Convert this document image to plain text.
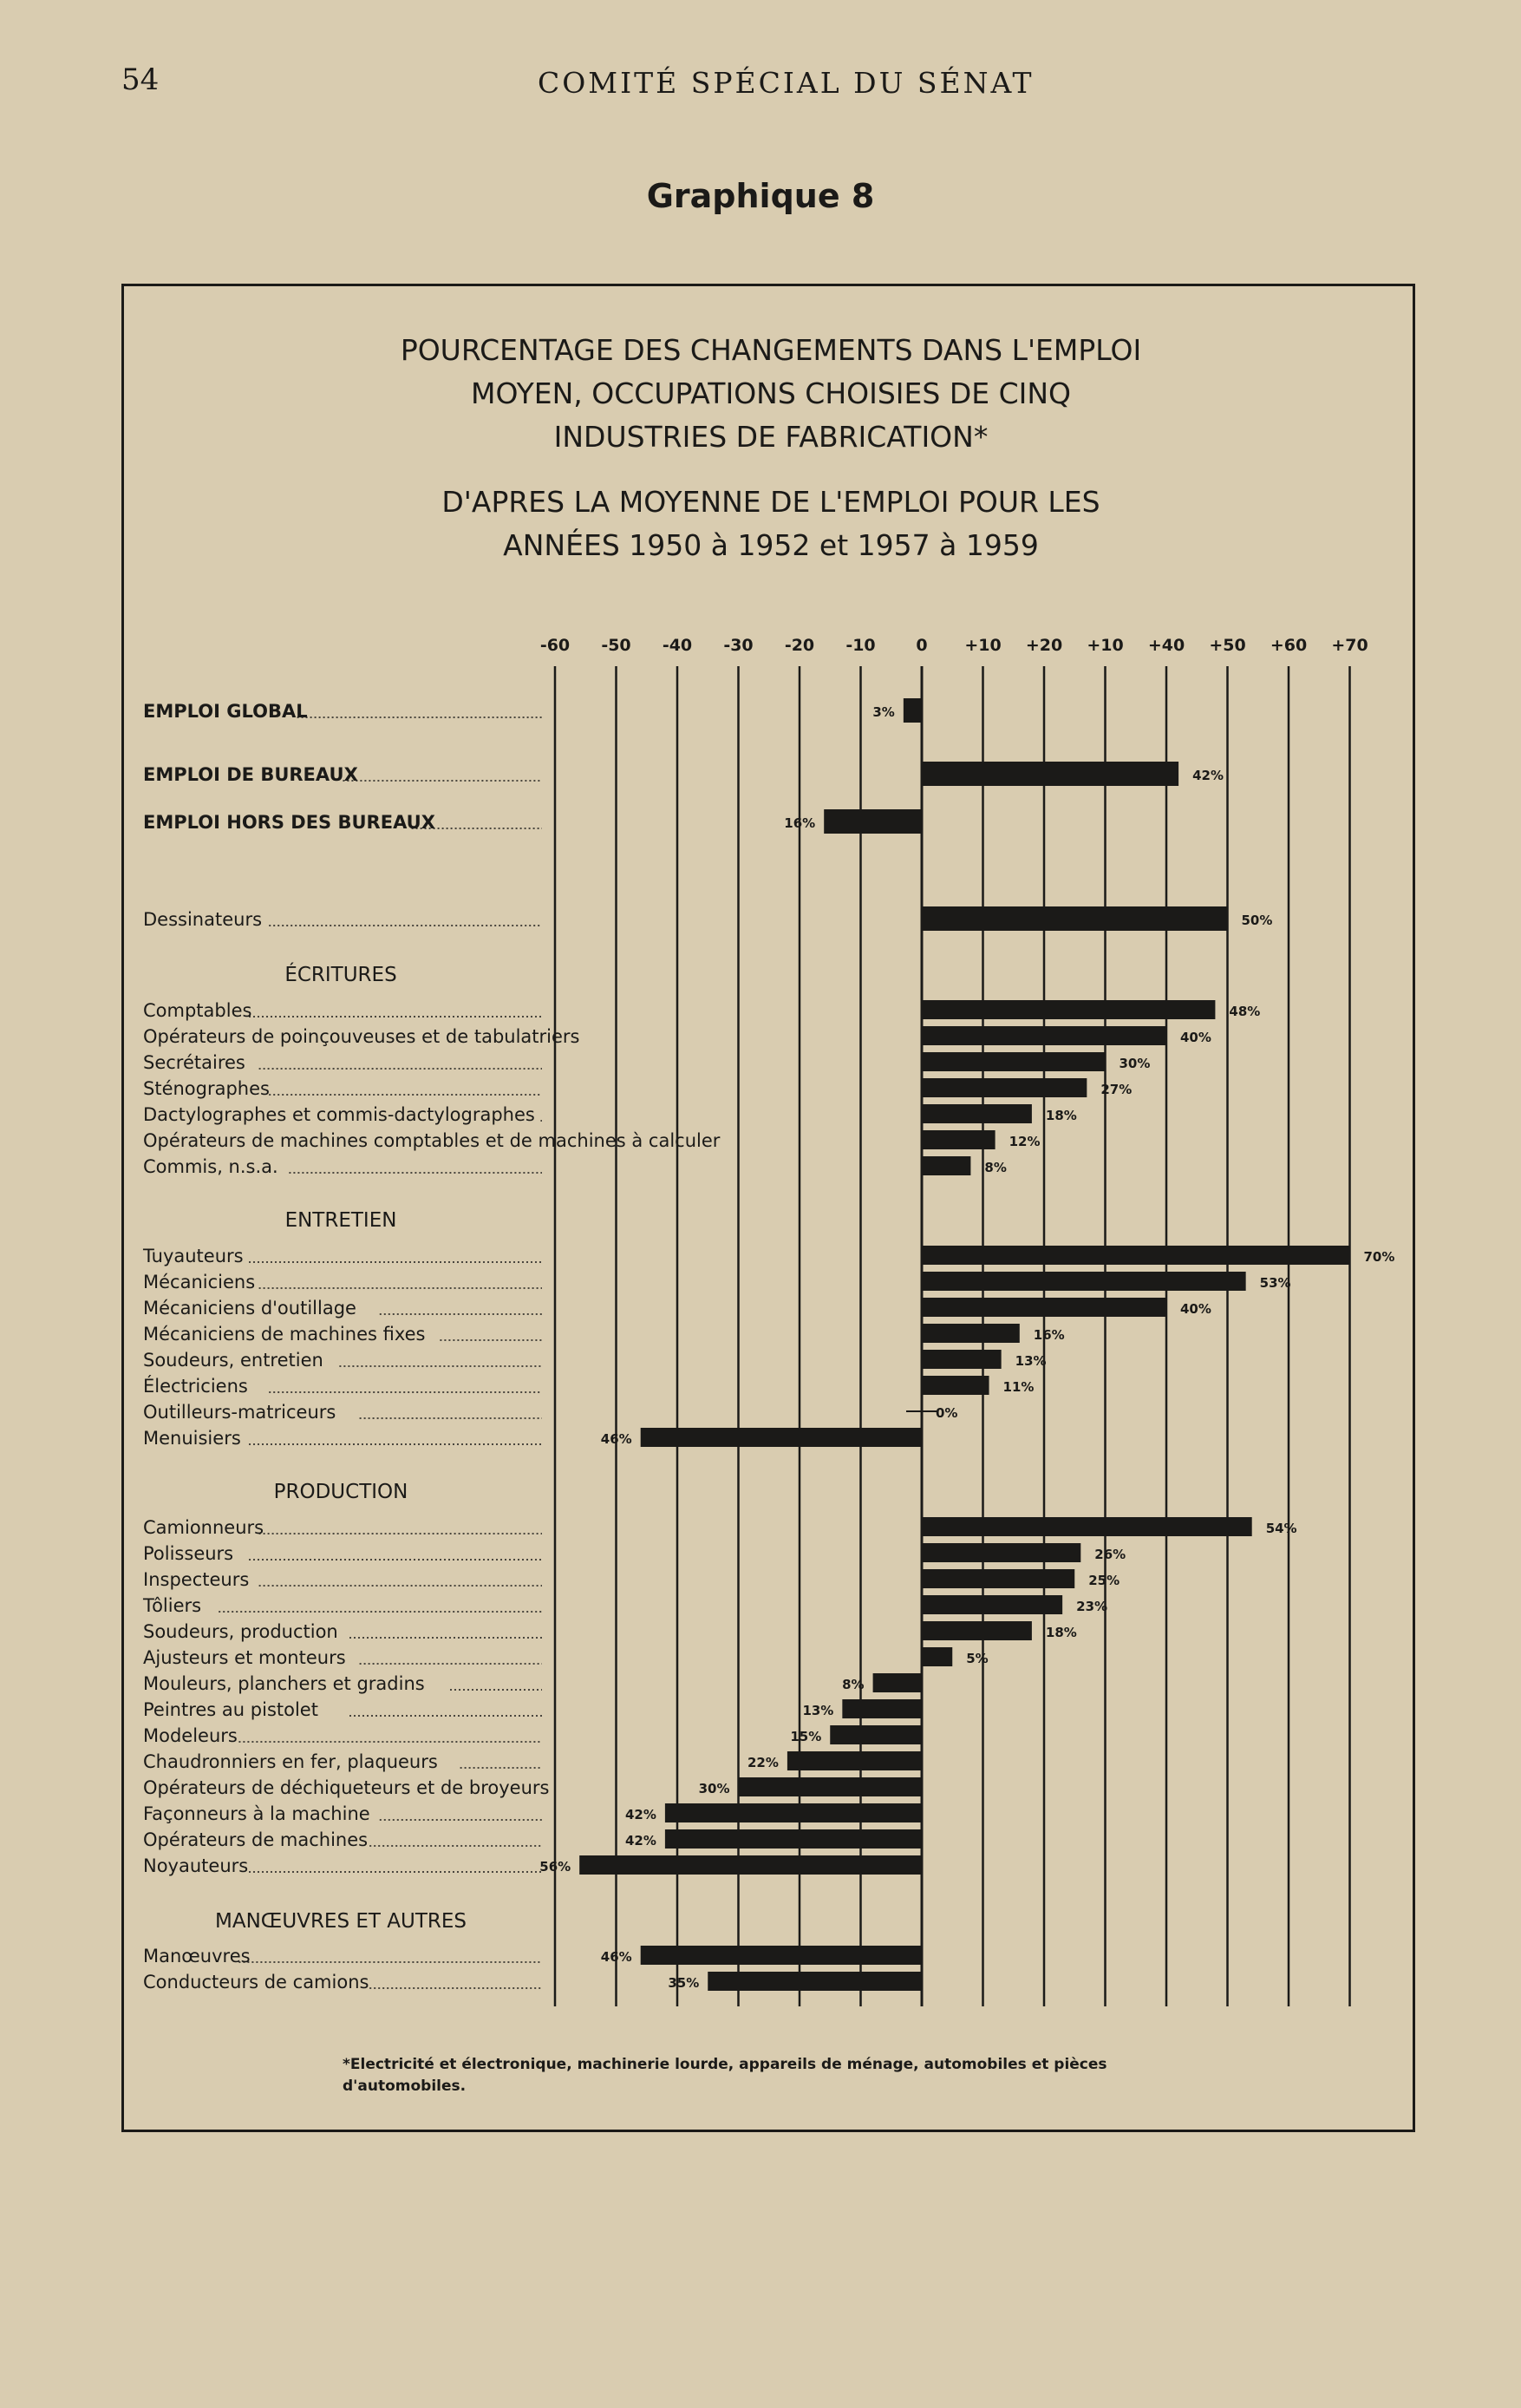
54	COMITÉ SPÉCIAL DU SÉNAT
Graphique 8
POURCENTAGE DES CHANGEMENTS DANS L'EMPLOI
MOYEN, OCCUPATIONS CHOISIES DE CINQ
INDUSTRIES DE FABRICATION*
D'APRES LA MOYENNE DE L'EMPLOI POUR LES
ANNÉES 1950 à 1952 et 1957 à 1959
-60 -50 -40 -30 -20 -10 0 +10 +20 +10 +40 +50 +60 +70
ÉCRITURES
ENTRETIEN
PRODUCTION
MANŒUVRES ET AUTRES
EMPLOI GLOBAL	3%
EMPLOI DE BUREAUX	42%
EMPLOI HORS DES BUREAUX	16%
Dessinateurs	50%
Comptables	48%
Opérateurs de poinçouveuses et de tabulatriers	40%
Secrétaires	30%
Sténographes	27%
Dactylographes et commis-dactylographes	18%
Opérateurs de machines comptables et de machines à calculer	12%
Commis, n.s.a.	8%
Tuyauteurs	70%
Mécaniciens	53%
Mécaniciens d'outillage	40%
Mécaniciens de machines fixes	16%
Soudeurs, entretien	13%
Électriciens	11%
Outilleurs-matriceurs	0%
Menuisiers	46%
Camionneurs	54%
Polisseurs	26%
Inspecteurs	25%
Tôliers	23%
Soudeurs, production	18%
Ajusteurs et monteurs	5%
Mouleurs, planchers et gradins	8%
Peintres au pistolet	13%
Modeleurs	15%
Chaudronniers en fer, plaqueurs	22%
Opérateurs de déchiqueteurs et de broyeurs	30%
Façonneurs à la machine	42%
Opérateurs de machines	42%
Noyauteurs	56%
Manœuvres	46%
Conducteurs de camions	35%
*Electricité et électronique, machinerie lourde, appareils de ménage, automobiles et pièces
d'automobiles.
